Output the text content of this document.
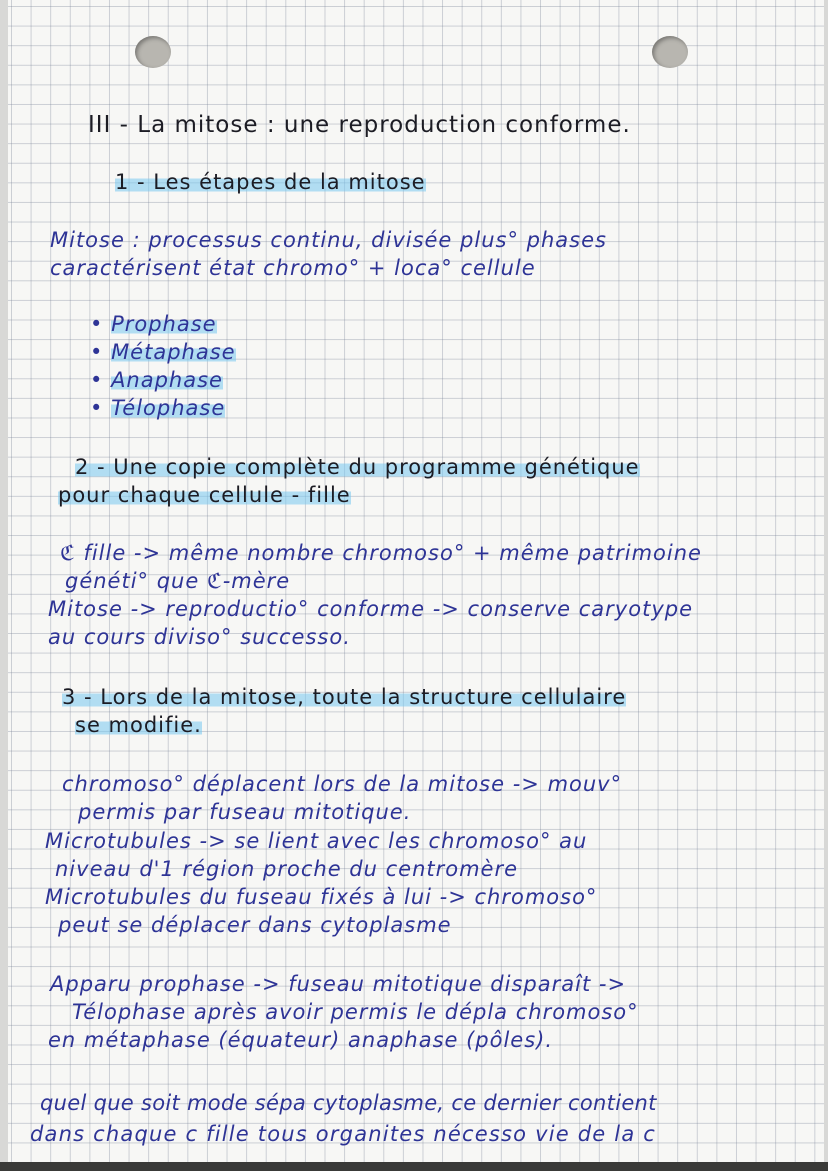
III - La mitose : une reproduction conforme.
1 - Les étapes de la mitose
Mitose : processus continu, divisée plus° phases
caractérisent état chromo° + loca° cellule
• Prophase
• Métaphase
• Anaphase
• Télophase
2 - Une copie complète du programme génétique
pour chaque cellule - fille
ℭ fille -> même nombre chromoso° + même patrimoine
généti° que ℭ-mère
Mitose -> reproductio° conforme -> conserve caryotype
au cours diviso° successo.
3 - Lors de la mitose, toute la structure cellulaire
se modifie.
chromoso° déplacent lors de la mitose -> mouv°
permis par fuseau mitotique.
Microtubules -> se lient avec les chromoso° au
niveau d'1 région proche du centromère
Microtubules du fuseau fixés à lui -> chromoso°
peut se déplacer dans cytoplasme
Apparu prophase -> fuseau mitotique disparaît ->
Télophase après avoir permis le dépla chromoso°
en métaphase (équateur) anaphase (pôles).
quel que soit mode sépa cytoplasme, ce dernier contient
dans chaque c fille tous organites nécesso vie de la c
